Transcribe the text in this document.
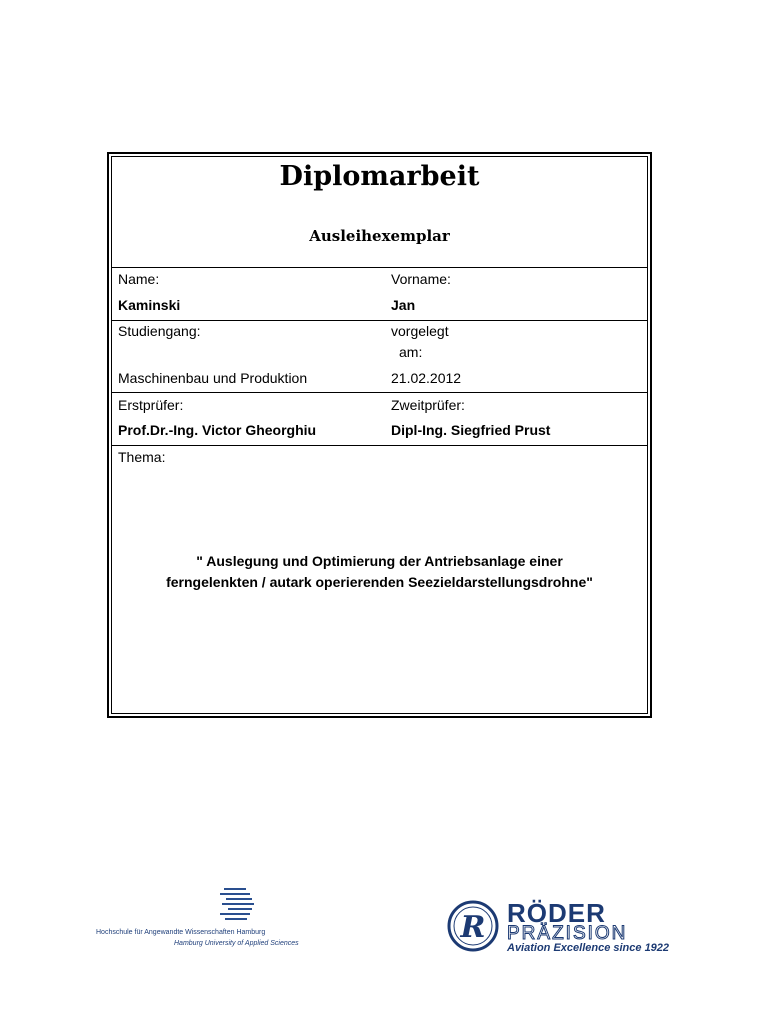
Diplomarbeit
Ausleihexemplar
Name:	Vorname:
Kaminski	Jan
Studiengang:	vorgelegt
am:
Maschinenbau und Produktion	21.02.2012
Erstprüfer:	Zweitprüfer:
Prof.Dr.-Ing. Victor Gheorghiu	Dipl-Ing. Siegfried Prust
Thema:
" Auslegung und Optimierung der Antriebsanlage einer
ferngelenkten / autark operierenden Seezieldarstellungsdrohne"
Hochschule für Angewandte Wissenschaften Hamburg
Hamburg University of Applied Sciences	R RÖDER
PRÄZISION
Aviation Excellence since 1922
